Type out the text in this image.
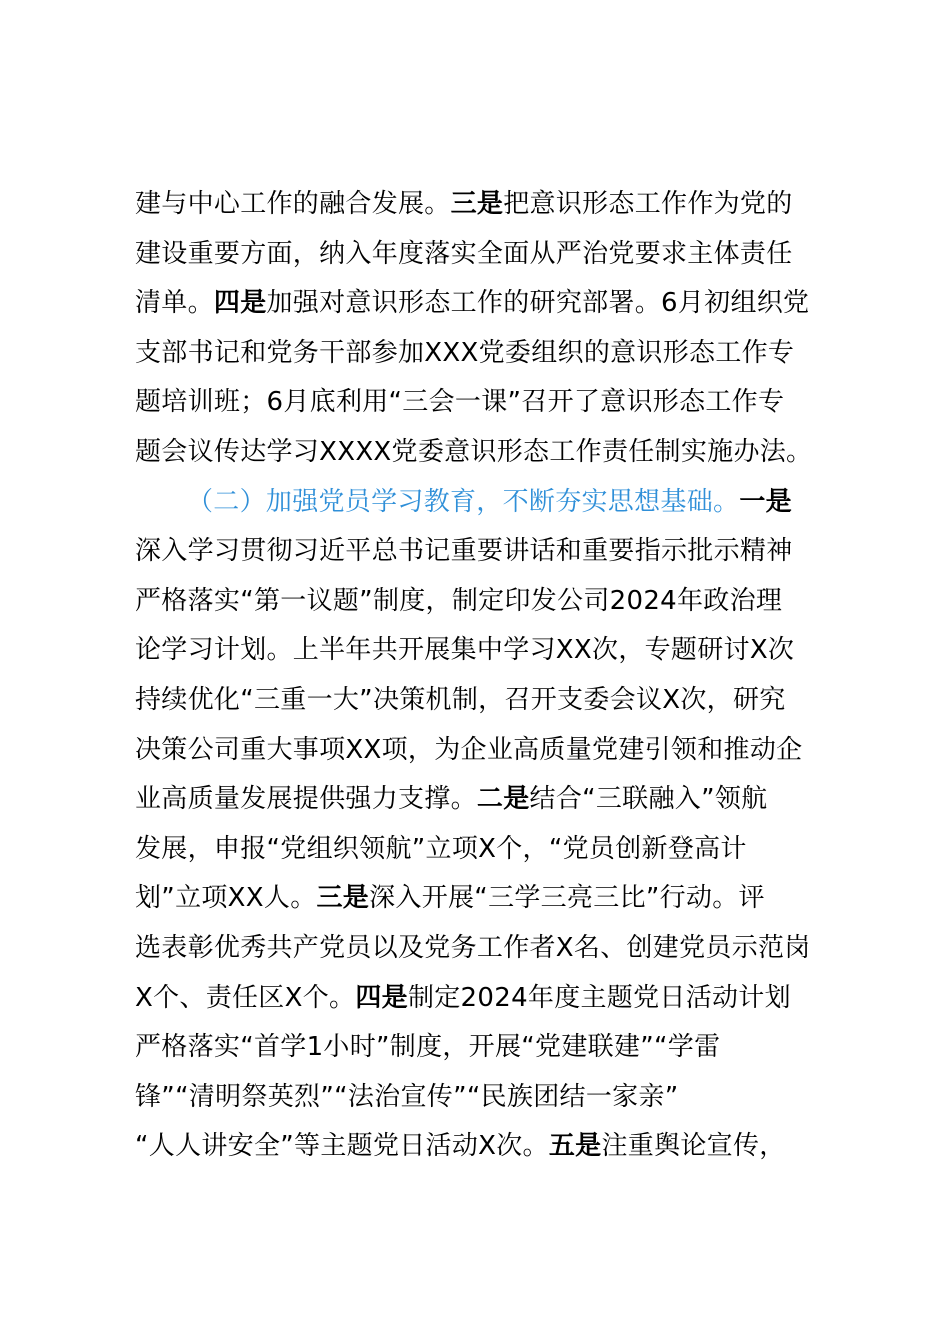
建与中心工作的融合发展。三是把意识形态工作作为党的
建设重要方面，纳入年度落实全面从严治党要求主体责任
清单。四是加强对意识形态工作的研究部署。6月初组织党
支部书记和党务干部参加XXX党委组织的意识形态工作专
题培训班；6月底利用“三会一课”召开了意识形态工作专
题会议传达学习XXXX党委意识形态工作责任制实施办法。
（二）加强党员学习教育，不断夯实思想基础。一是
深入学习贯彻习近平总书记重要讲话和重要指示批示精神
严格落实“第一议题”制度，制定印发公司2024年政治理
论学习计划。上半年共开展集中学习XX次，专题研讨X次
持续优化“三重一大”决策机制，召开支委会议X次，研究
决策公司重大事项XX项，为企业高质量党建引领和推动企
业高质量发展提供强力支撑。二是结合“三联融入”领航
发展，申报“党组织领航”立项X个，“党员创新登高计
划”立项XX人。三是深入开展“三学三亮三比”行动。评
选表彰优秀共产党员以及党务工作者X名、创建党员示范岗
X个、责任区X个。四是制定2024年度主题党日活动计划
严格落实“首学1小时”制度，开展“党建联建”“学雷
锋”“清明祭英烈”“法治宣传”“民族团结一家亲”
“人人讲安全”等主题党日活动X次。五是注重舆论宣传，
